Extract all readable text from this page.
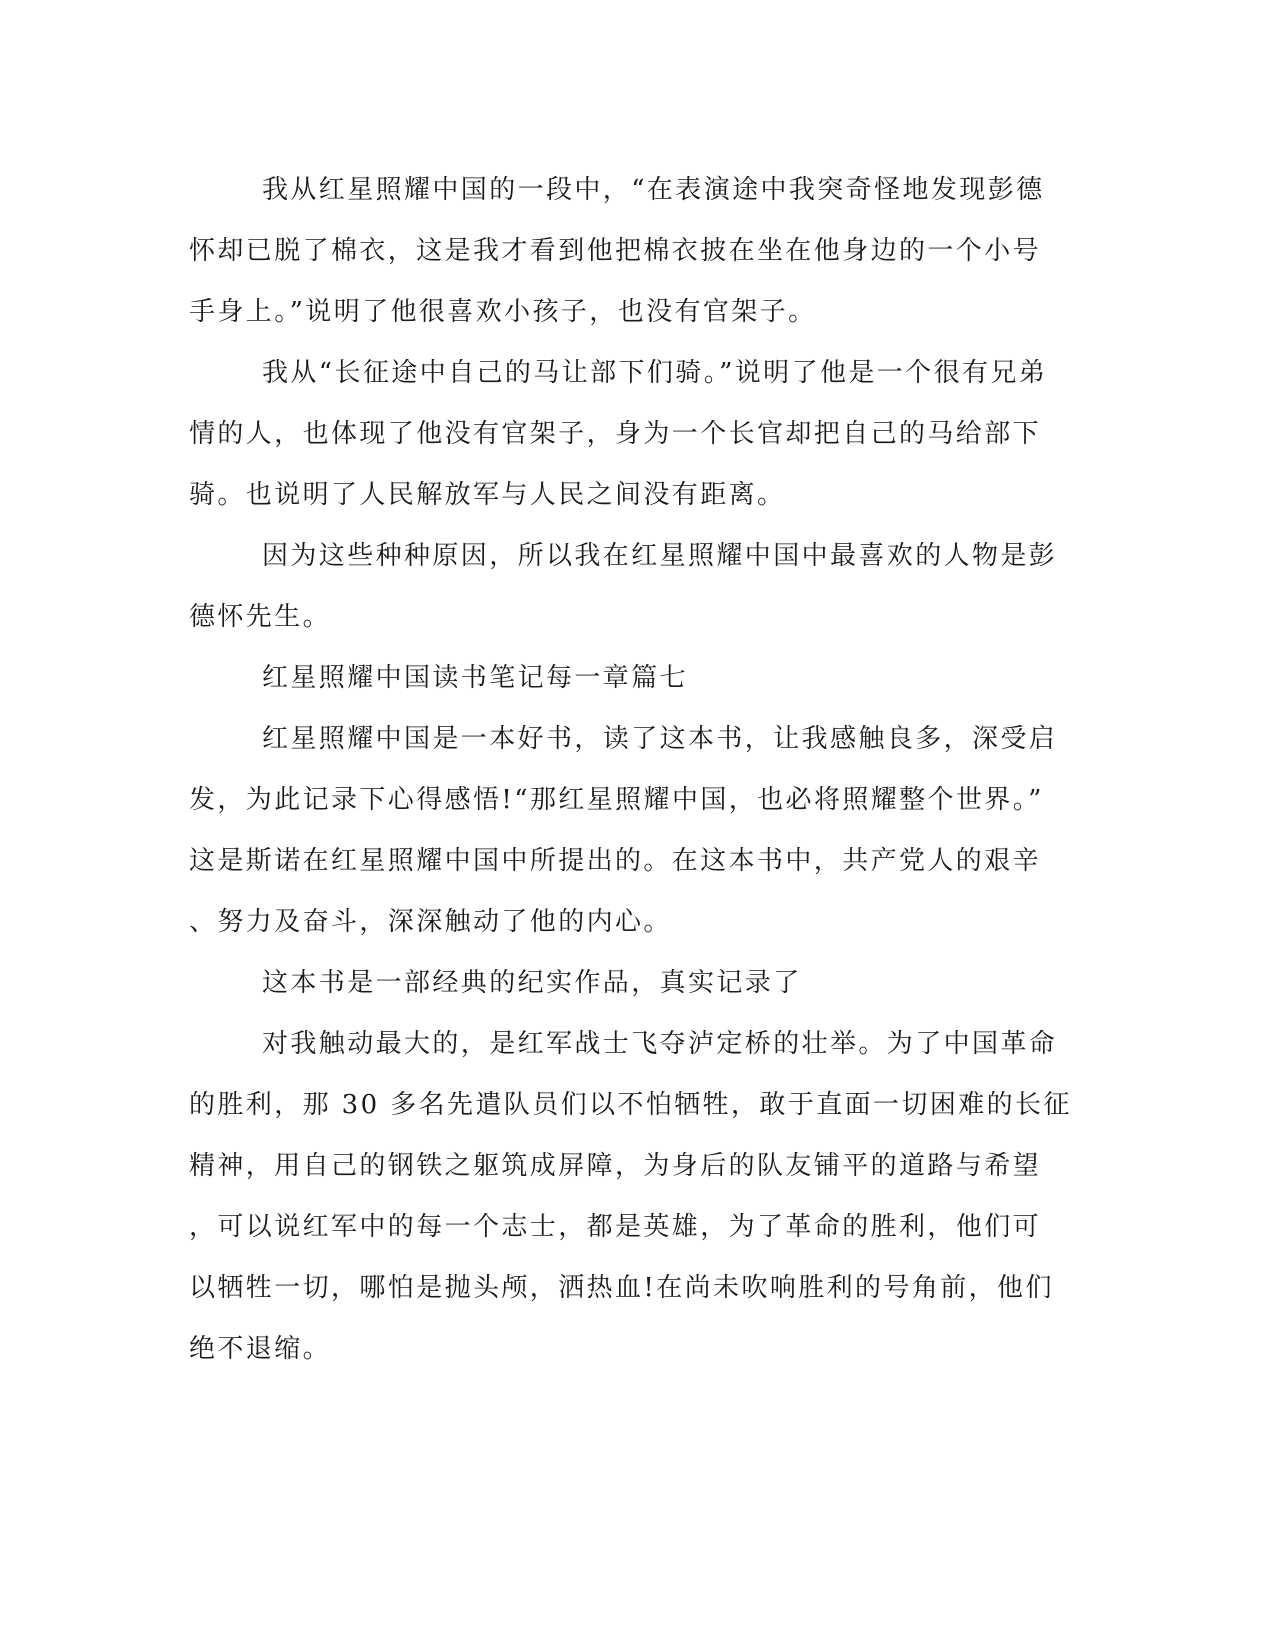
我从红星照耀中国的一段中，“在表演途中我突奇怪地发现彭德
怀却已脱了棉衣，这是我才看到他把棉衣披在坐在他身边的一个小号
手身上。”说明了他很喜欢小孩子，也没有官架子。
我从“长征途中自己的马让部下们骑。”说明了他是一个很有兄弟
情的人，也体现了他没有官架子，身为一个长官却把自己的马给部下
骑。也说明了人民解放军与人民之间没有距离。
因为这些种种原因，所以我在红星照耀中国中最喜欢的人物是彭
德怀先生。
红星照耀中国读书笔记每一章篇七
红星照耀中国是一本好书，读了这本书，让我感触良多，深受启
发，为此记录下心得感悟!“那红星照耀中国，也必将照耀整个世界。”
这是斯诺在红星照耀中国中所提出的。在这本书中，共产党人的艰辛
、努力及奋斗，深深触动了他的内心。
这本书是一部经典的纪实作品，真实记录了
对我触动最大的，是红军战士飞夺泸定桥的壮举。为了中国革命
的胜利，那 30 多名先遣队员们以不怕牺牲，敢于直面一切困难的长征
精神，用自己的钢铁之躯筑成屏障，为身后的队友铺平的道路与希望
，可以说红军中的每一个志士，都是英雄，为了革命的胜利，他们可
以牺牲一切，哪怕是抛头颅，洒热血!在尚未吹响胜利的号角前，他们
绝不退缩。
